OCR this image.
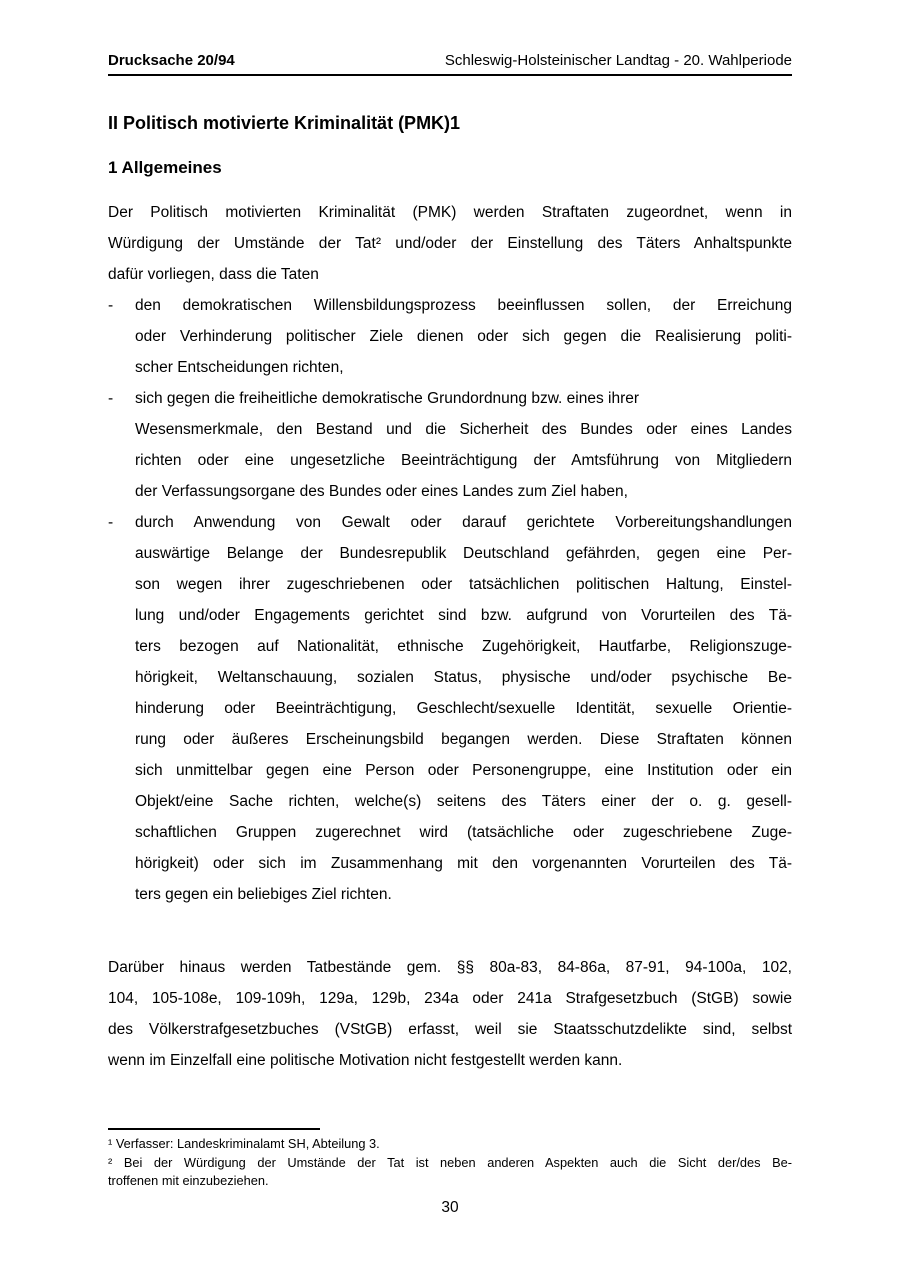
Drucksache 20/94	Schleswig-Holsteinischer Landtag - 20. Wahlperiode
II Politisch motivierte Kriminalität (PMK)1
1 Allgemeines
Der Politisch motivierten Kriminalität (PMK) werden Straftaten zugeordnet, wenn in
Würdigung der Umstände der Tat² und/oder der Einstellung des Täters Anhaltspunkte
dafür vorliegen, dass die Taten
-	den demokratischen Willensbildungsprozess beeinflussen sollen, der Erreichung
oder Verhinderung politischer Ziele dienen oder sich gegen die Realisierung politi-
scher Entscheidungen richten,
-	sich gegen die freiheitliche demokratische Grundordnung bzw. eines ihrer
Wesensmerkmale, den Bestand und die Sicherheit des Bundes oder eines Landes
richten oder eine ungesetzliche Beeinträchtigung der Amtsführung von Mitgliedern
der Verfassungsorgane des Bundes oder eines Landes zum Ziel haben,
-	durch Anwendung von Gewalt oder darauf gerichtete Vorbereitungshandlungen
auswärtige Belange der Bundesrepublik Deutschland gefährden, gegen eine Per-
son wegen ihrer zugeschriebenen oder tatsächlichen politischen Haltung, Einstel-
lung und/oder Engagements gerichtet sind bzw. aufgrund von Vorurteilen des Tä-
ters bezogen auf Nationalität, ethnische Zugehörigkeit, Hautfarbe, Religionszuge-
hörigkeit, Weltanschauung, sozialen Status, physische und/oder psychische Be-
hinderung oder Beeinträchtigung, Geschlecht/sexuelle Identität, sexuelle Orientie-
rung oder äußeres Erscheinungsbild begangen werden. Diese Straftaten können
sich unmittelbar gegen eine Person oder Personengruppe, eine Institution oder ein
Objekt/eine Sache richten, welche(s) seitens des Täters einer der o. g. gesell-
schaftlichen Gruppen zugerechnet wird (tatsächliche oder zugeschriebene Zuge-
hörigkeit) oder sich im Zusammenhang mit den vorgenannten Vorurteilen des Tä-
ters gegen ein beliebiges Ziel richten.
Darüber hinaus werden Tatbestände gem. §§ 80a-83, 84-86a, 87-91, 94-100a, 102,
104, 105-108e, 109-109h, 129a, 129b, 234a oder 241a Strafgesetzbuch (StGB) sowie
des Völkerstrafgesetzbuches (VStGB) erfasst, weil sie Staatsschutzdelikte sind, selbst
wenn im Einzelfall eine politische Motivation nicht festgestellt werden kann.
¹ Verfasser: Landeskriminalamt SH, Abteilung 3.
² Bei der Würdigung der Umstände der Tat ist neben anderen Aspekten auch die Sicht der/des Be-
troffenen mit einzubeziehen.
30
